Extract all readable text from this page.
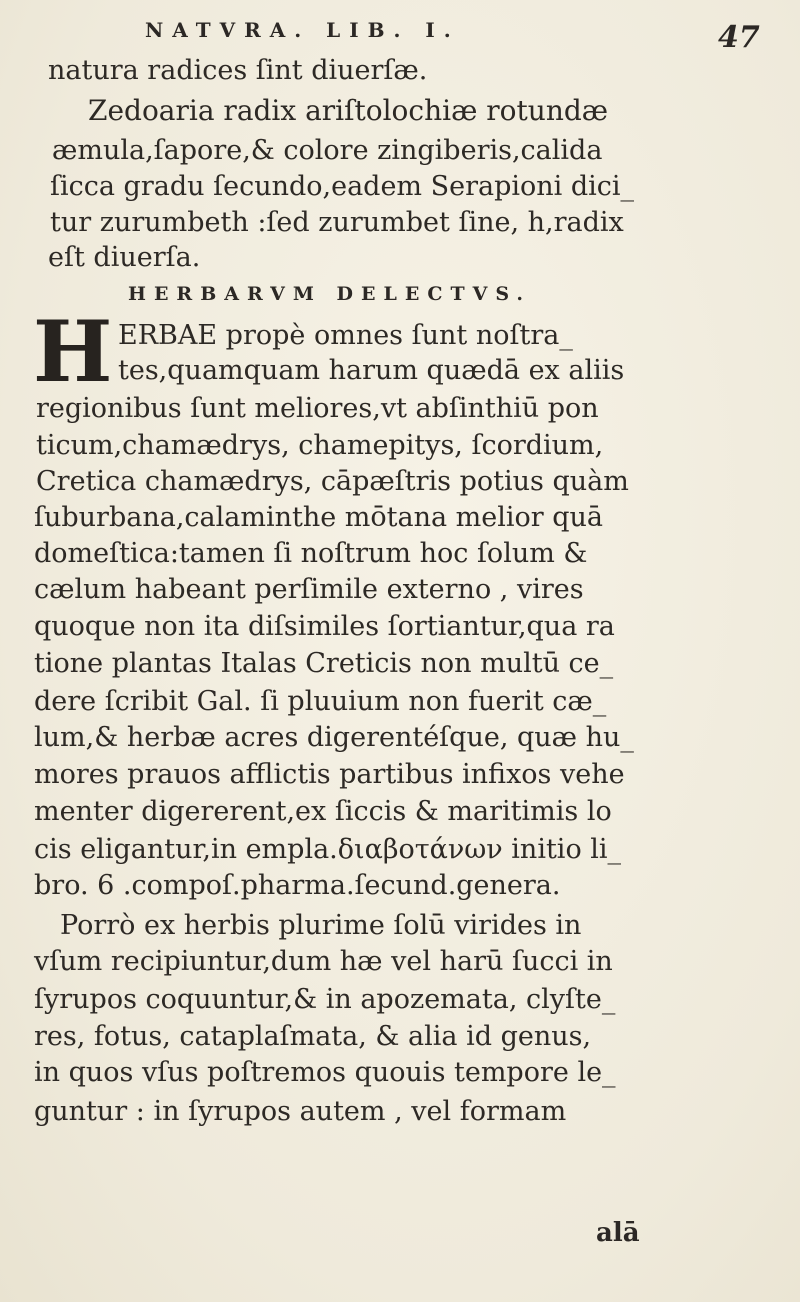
NATVRA. LIB. I.	47
natura radices ſint diuerſæ.
Zedoaria radix ariſtolochiæ rotundæ
æmula,ſapore,& colore zingiberis,calida
ſicca gradu ſecundo,eadem Serapioni dici_
tur zurumbeth :ſed zurumbet ſine, h,radix
eſt diuerſa.
HERBARVM DELECTVS.
H ERBAE propè omnes ſunt noſtra_
tes,quamquam harum quædā ex aliis
regionibus ſunt meliores,vt abſinthiū pon
ticum,chamædrys, chamepitys, ſcordium,
Cretica chamædrys, cāpæſtris potius quàm
ſuburbana,calaminthe mōtana melior quā
domeſtica:tamen ſi noſtrum hoc ſolum &
cælum habeant perſimile externo , vires
quoque non ita diſsimiles ſortiantur,qua ra
tione plantas Italas Creticis non multū ce_
dere ſcribit Gal. ſi pluuium non fuerit cæ_
lum,& herbæ acres digerentéſque, quæ hu_
mores prauos afflictis partibus infixos vehe
menter digererent,ex ſiccis & maritimis lo
cis eligantur,in empla.διαβοτάνων initio li_
bro. 6 .compoſ.pharma.ſecund.genera.
Porrò ex herbis plurime ſolū virides in
vſum recipiuntur,dum hæ vel harū ſucci in
ſyrupos coquuntur,& in apozemata, clyſte_
res, fotus, cataplaſmata, & alia id genus,
in quos vſus poſtremos quouis tempore le_
guntur : in ſyrupos autem , vel formam
alā
